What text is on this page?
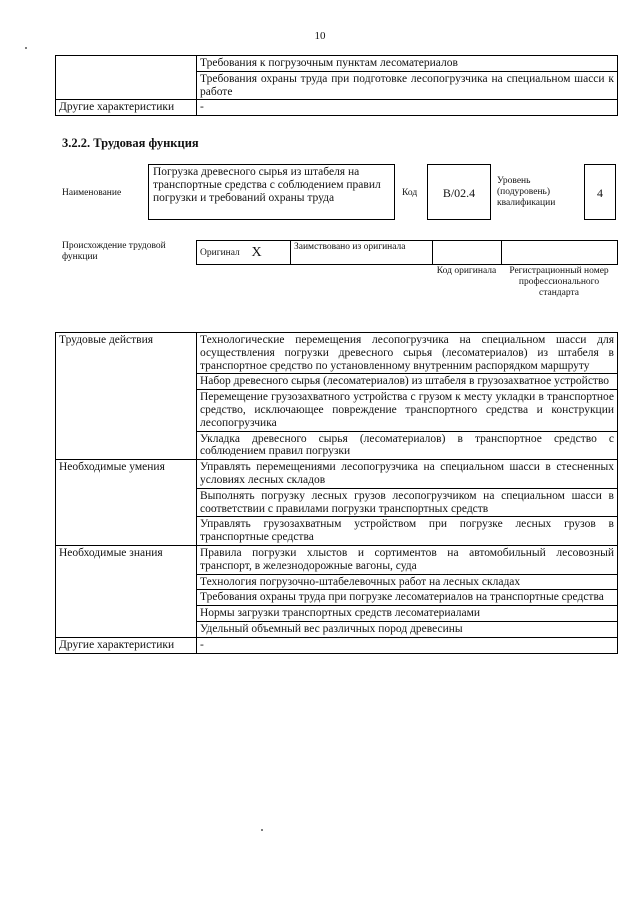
10
	Требования к погрузочным пунктам лесоматериалов
	Требования охраны труда при подготовке лесопогрузчика на специальном шасси к работе
Другие характеристики	-
3.2.2. Трудовая функция
Наименование
Погрузка древесного сырья из штабеля на транспортные средства с соблюдением правил погрузки и требований охраны труда	Код	B/02.4
Уровень (подуровень) квалификации
4
Происхождение трудовой функции	Оригинал	X	Заимствовано из оригинала		
Код оригинала	Регистрационный номер профессионального стандарта
Трудовые действия	Технологические перемещения лесопогрузчика на специальном шасси для осуществления погрузки древесного сырья (лесоматериалов) из штабеля в транспортное средство по установленному внутренним распорядком маршруту
	Набор древесного сырья (лесоматериалов) из штабеля в грузозахватное устройство
	Перемещение грузозахватного устройства с грузом к месту укладки в транспортное средство, исключающее повреждение транспортного средства и конструкции лесопогрузчика
	Укладка древесного сырья (лесоматериалов) в транспортное средство с соблюдением правил погрузки
Необходимые умения	Управлять перемещениями лесопогрузчика на специальном шасси в стесненных условиях лесных складов
	Выполнять погрузку лесных грузов лесопогрузчиком на специальном шасси в соответствии с правилами погрузки транспортных средств
	Управлять грузозахватным устройством при погрузке лесных грузов в транспортные средства
Необходимые знания	Правила погрузки хлыстов и сортиментов на автомобильный лесовозный транспорт, в железнодорожные вагоны, суда
	Технология погрузочно-штабелевочных работ на лесных складах
	Требования охраны труда при погрузке лесоматериалов на транспортные средства
	Нормы загрузки транспортных средств лесоматериалами
	Удельный объемный вес различных пород древесины
Другие характеристики	-
